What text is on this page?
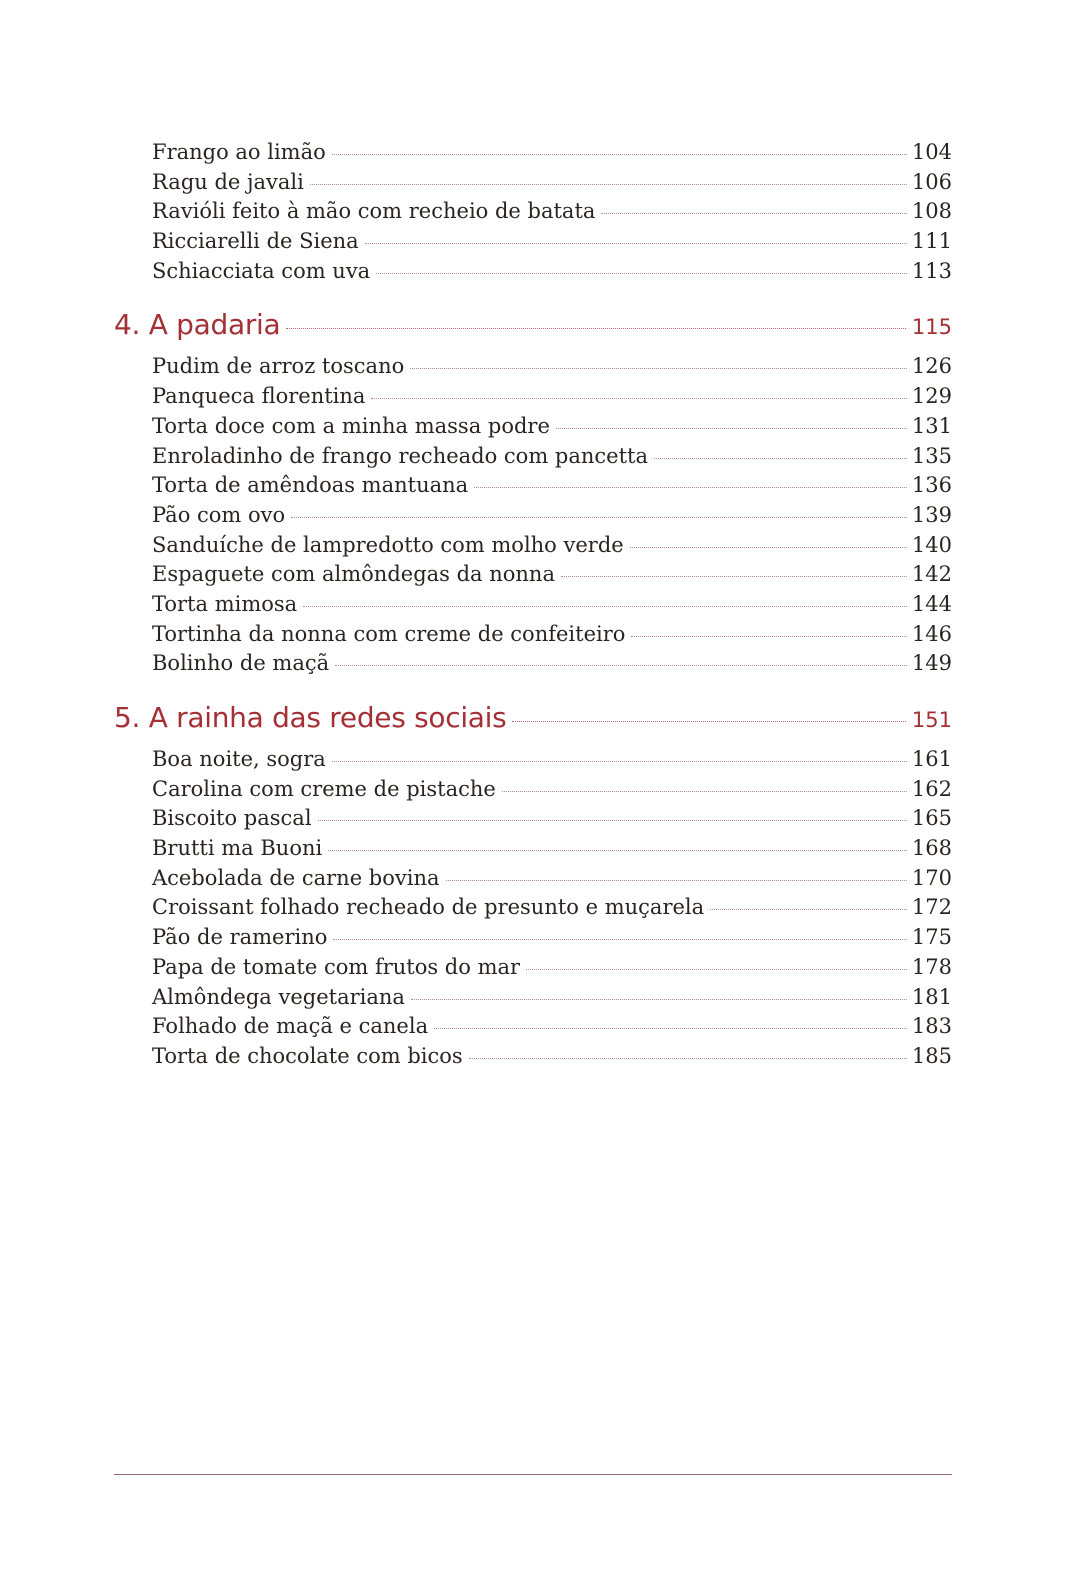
Frango ao limão	104
Ragu de javali	106
Ravióli feito à mão com recheio de batata	108
Ricciarelli de Siena	111
Schiacciata com uva	113
4. A padaria	115
Pudim de arroz toscano	126
Panqueca florentina	129
Torta doce com a minha massa podre	131
Enroladinho de frango recheado com pancetta	135
Torta de amêndoas mantuana	136
Pão com ovo	139
Sanduíche de lampredotto com molho verde	140
Espaguete com almôndegas da nonna	142
Torta mimosa	144
Tortinha da nonna com creme de confeiteiro	146
Bolinho de maçã	149
5. A rainha das redes sociais	151
Boa noite, sogra	161
Carolina com creme de pistache	162
Biscoito pascal	165
Brutti ma Buoni	168
Acebolada de carne bovina	170
Croissant folhado recheado de presunto e muçarela	172
Pão de ramerino	175
Papa de tomate com frutos do mar	178
Almôndega vegetariana	181
Folhado de maçã e canela	183
Torta de chocolate com bicos	185
